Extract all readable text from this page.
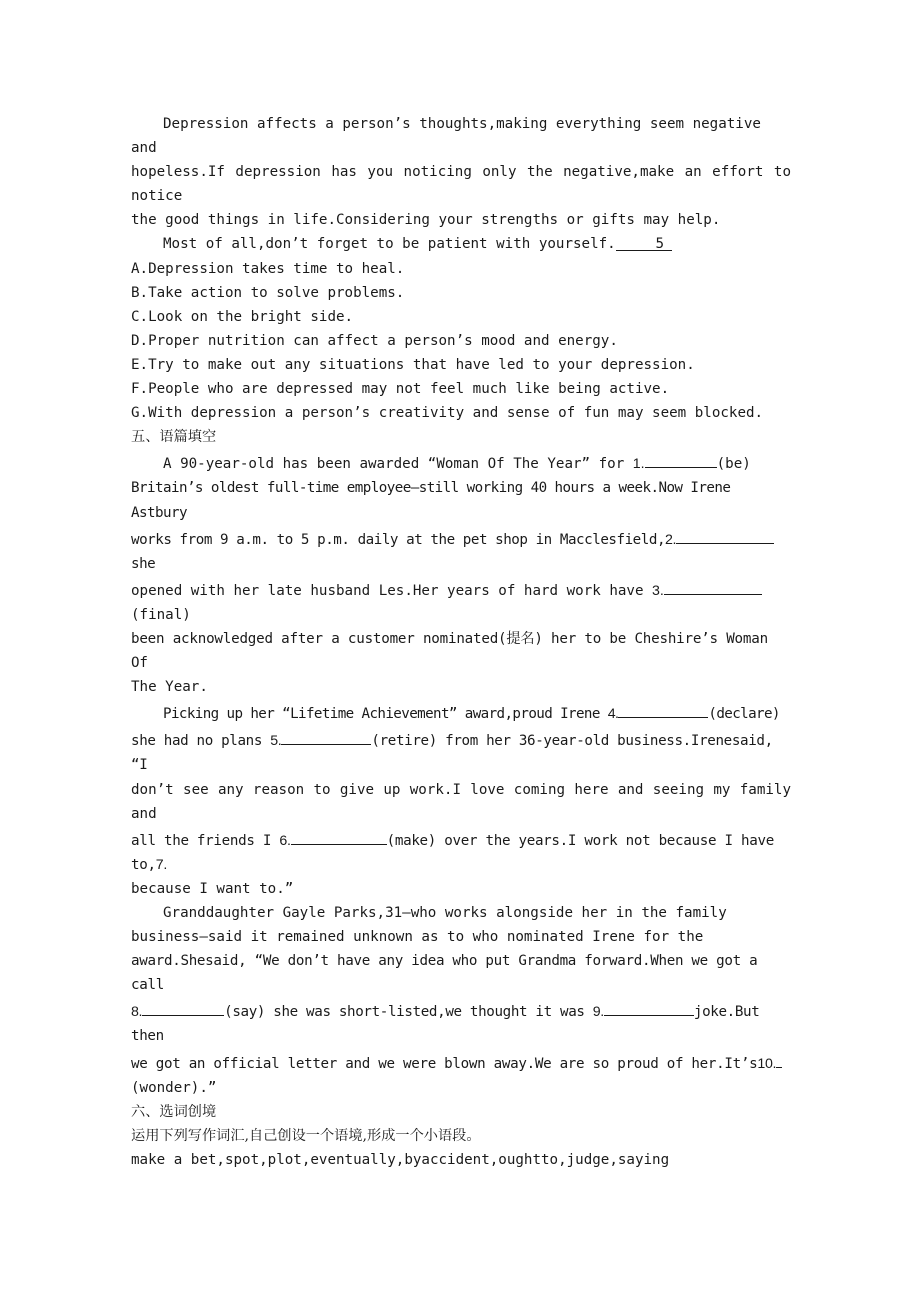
Depression affects a person’s thoughts,making everything seem negative and

hopeless.If depression has you noticing only the negative,make an effort to notice

the good things in life.Considering your strengths or gifts may help.

Most of all,don’t forget to be patient with yourself.	5

A.Depression takes time to heal.

B.Take action to solve problems.

C.Look on the bright side.

D.Proper nutrition can affect a person’s mood and energy.

E.Try to make out any situations that have led to your depression.

F.People who are depressed may not feel much like being active.

G.With depression a person’s creativity and sense of fun may seem blocked.

五、语篇填空

A 90-year-old has been awarded “Woman Of The Year” for 1.	(be)

Britain’s oldest full-time employee—still working 40 hours a week.Now Irene Astbury

works from 9 a.m. to 5 p.m. daily at the pet shop in Macclesfield,2. she

opened with her late husband Les.Her years of hard work have 3.(final)

been acknowledged after a customer nominated(提名) her to be Cheshire’s Woman Of

The Year.

Picking up her “Lifetime Achievement” award,proud Irene 4.	(declare)

she had no plans 5.	(retire) from her 36-year-old business.Irenesaid, “I

don’t see any reason to give up work.I love coming here and seeing my family and

all the friends I 6.	(make) over the years.I work not because I have to,7.

because I want to.”

Granddaughter Gayle Parks,31—who works alongside her in the family

business—said it remained unknown as to who nominated Irene for the

award.Shesaid, “We don’t have any idea who put Grandma forward.When we got a call

8.	(say) she was short-listed,we thought it was 9.	joke.But then

we got an official letter and we were blown away.We are so proud of her.It’s10.

(wonder).”

六、选词创境

运用下列写作词汇,自己创设一个语境,形成一个小语段。

make a bet,spot,plot,eventually,byaccident,oughtto,judge,saying
